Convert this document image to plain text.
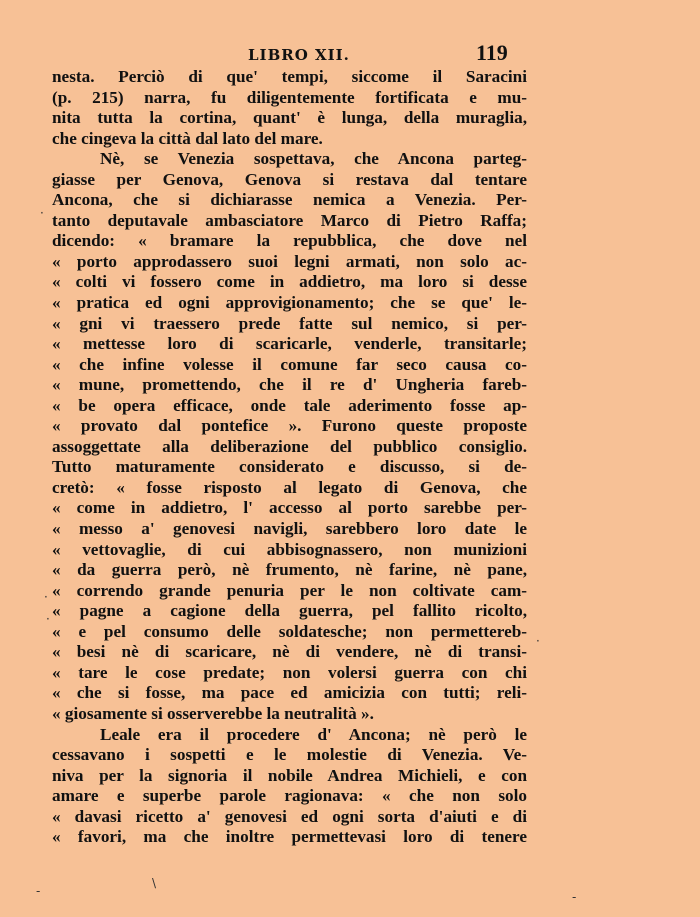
LIBRO XII.	119
nesta. Perciò di que' tempi, siccome il Saracini
(p. 215) narra, fu diligentemente fortificata e mu-
nita tutta la cortina, quant' è lunga, della muraglia,
che cingeva la città dal lato del mare.
Nè, se Venezia sospettava, che Ancona parteg-
giasse per Genova, Genova si restava dal tentare
Ancona, che si dichiarasse nemica a Venezia. Per-
tanto deputavale ambasciatore Marco di Pietro Raffa;
dicendo: « bramare la repubblica, che dove nel
« porto approdassero suoi legni armati, non solo ac-
« colti vi fossero come in addietro, ma loro si desse
« pratica ed ogni approvigionamento; che se que' le-
« gni vi traessero prede fatte sul nemico, si per-
« mettesse loro di scaricarle, venderle, transitarle;
« che infine volesse il comune far seco causa co-
« mune, promettendo, che il re d' Ungheria fareb-
« be opera efficace, onde tale aderimento fosse ap-
« provato dal pontefice ». Furono queste proposte
assoggettate alla deliberazione del pubblico consiglio.
Tutto maturamente considerato e discusso, si de-
cretò: « fosse risposto al legato di Genova, che
« come in addietro, l' accesso al porto sarebbe per-
« messo a' genovesi navigli, sarebbero loro date le
« vettovaglie, di cui abbisognassero, non munizioni
« da guerra però, nè frumento, nè farine, nè pane,
« correndo grande penuria per le non coltivate cam-
« pagne a cagione della guerra, pel fallito ricolto,
« e pel consumo delle soldatesche; non permettereb-
« besi nè di scaricare, nè di vendere, nè di transi-
« tare le cose predate; non volersi guerra con chi
« che si fosse, ma pace ed amicizia con tutti; reli-
« giosamente si osserverebbe la neutralità ».
Leale era il procedere d' Ancona; nè però le
cessavano i sospetti e le molestie di Venezia. Ve-
niva per la signoria il nobile Andrea Michieli, e con
amare e superbe parole ragionava: « che non solo
« davasi ricetto a' genovesi ed ogni sorta d'aiuti e di
« favori, ma che inoltre permettevasi loro di tenere
·
·
·
·
\
-	-
